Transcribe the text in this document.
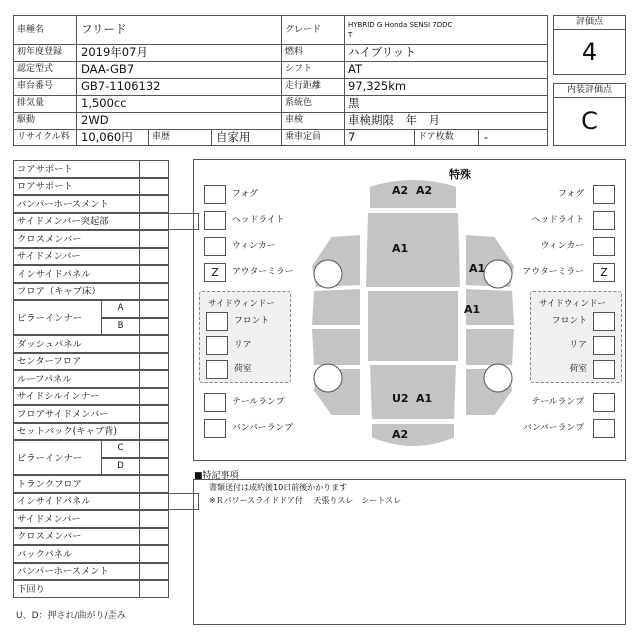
車種名	フリード	グレード	HYBRID G Honda SENSI 7DDC
T
初年度登録 2019年07月	燃料	ハイブリット
認定型式 DAA-GB7	シフト	AT
車台番号 GB7-1106132	走行距離 97,325km
排気量	1,500cc	系統色	黒
駆動	2WD	車検	車検期限　年　月
リサイクル料 10,060円 車歴	自家用	乗車定員 7	ドア枚数	-
評価点
4
内装評価点
C
コアサポート
ロアサポート
バンパーホースメント
サイドメンバー突起部
クロスメンバー
サイドメンバー
インサイドパネル
フロア（キャブ床）
ピラーインナー
A
B
ダッシュパネル
センターフロア
ルーフパネル
サイドシルインナー
フロアサイドメンバー
セットバック(キャブ背)
ピラーインナー
C
D
トランクフロア
インサイドパネル
サイドメンバー
クロスメンバー
バックパネル
バンパーホースメント
下回り
U、D：押され/曲がり/歪み
特殊
A2 A2
A1
A1
A1
U2 A1
A2
フォグ
ヘッドライト
ウィンカー
Z	アウターミラー
サイドウィンドー
フロント
リア
荷室
テールランプ
バンパーランプ
フォグ
ヘッドライト
ウィンカー
アウターミラー	Z
サイドウィンドー
フロント
リア
荷室
テールランプ
バンパーランプ
■特記事項
書類送付は成約後10日前後かかります
※Ｒパワースライドドア付　 天張りスレ　シートスレ
